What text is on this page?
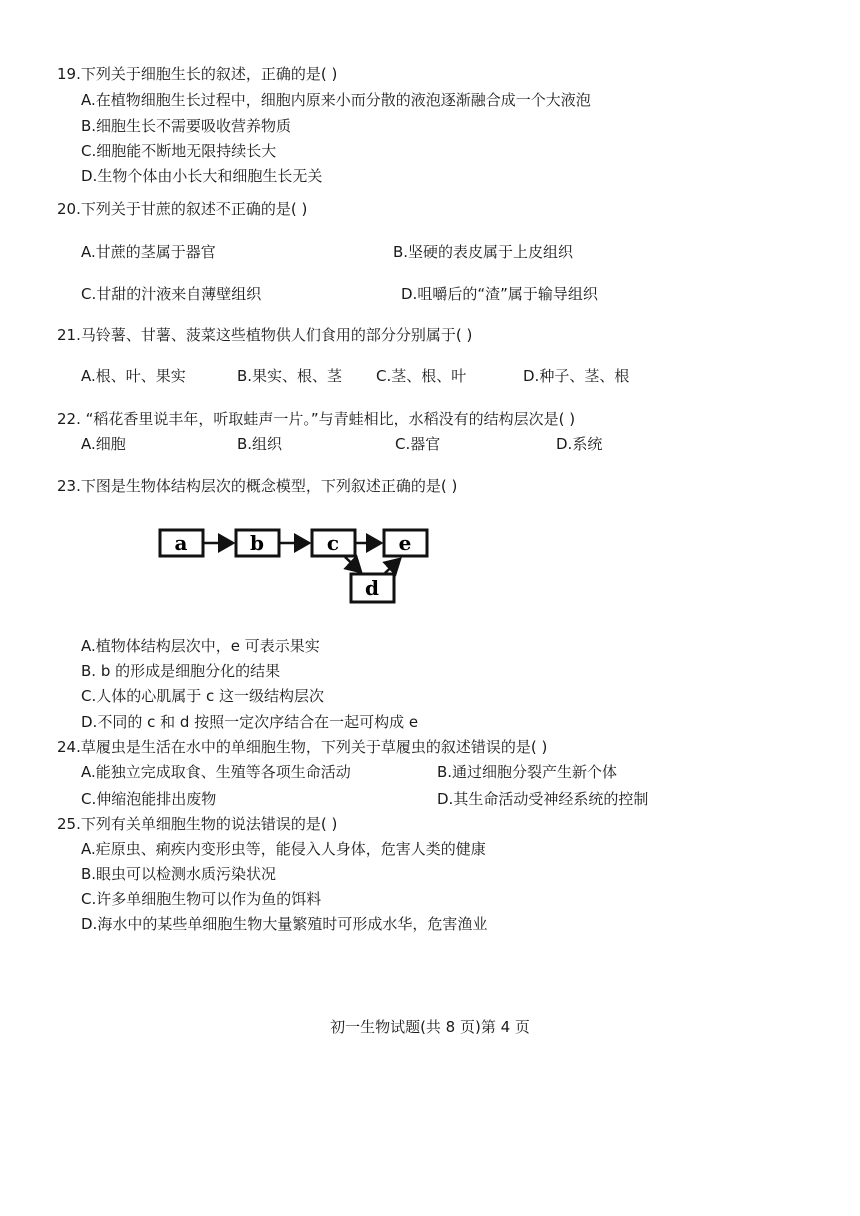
19.下列关于细胞生长的叙述，正确的是( )
A.在植物细胞生长过程中，细胞内原来小而分散的液泡逐渐融合成一个大液泡
B.细胞生长不需要吸收营养物质
C.细胞能不断地无限持续长大
D.生物个体由小长大和细胞生长无关
20.下列关于甘蔗的叙述不正确的是( )
A.甘蔗的茎属于器官	B.坚硬的表皮属于上皮组织
C.甘甜的汁液来自薄壁组织	D.咀嚼后的“渣”属于输导组织
21.马铃薯、甘薯、菠菜这些植物供人们食用的部分分别属于( )
A.根、叶、果实	B.果实、根、茎 C.茎、根、叶	D.种子、茎、根
22. “稻花香里说丰年，听取蛙声一片。”与青蛙相比，水稻没有的结构层次是( )
A.细胞	B.组织	C.器官	D.系统
23.下图是生物体结构层次的概念模型，下列叙述正确的是( )
a	b	c	e
d
A.植物体结构层次中，e 可表示果实
B. b 的形成是细胞分化的结果
C.人体的心肌属于 c 这一级结构层次
D.不同的 c 和 d 按照一定次序结合在一起可构成 e
24.草履虫是生活在水中的单细胞生物，下列关于草履虫的叙述错误的是( )
A.能独立完成取食、生殖等各项生命活动	B.通过细胞分裂产生新个体
C.伸缩泡能排出废物	D.其生命活动受神经系统的控制
25.下列有关单细胞生物的说法错误的是( )
A.疟原虫、痢疾内变形虫等，能侵入人身体，危害人类的健康
B.眼虫可以检测水质污染状况
C.许多单细胞生物可以作为鱼的饵料
D.海水中的某些单细胞生物大量繁殖时可形成水华，危害渔业
初一生物试题(共 8 页)第 4 页
